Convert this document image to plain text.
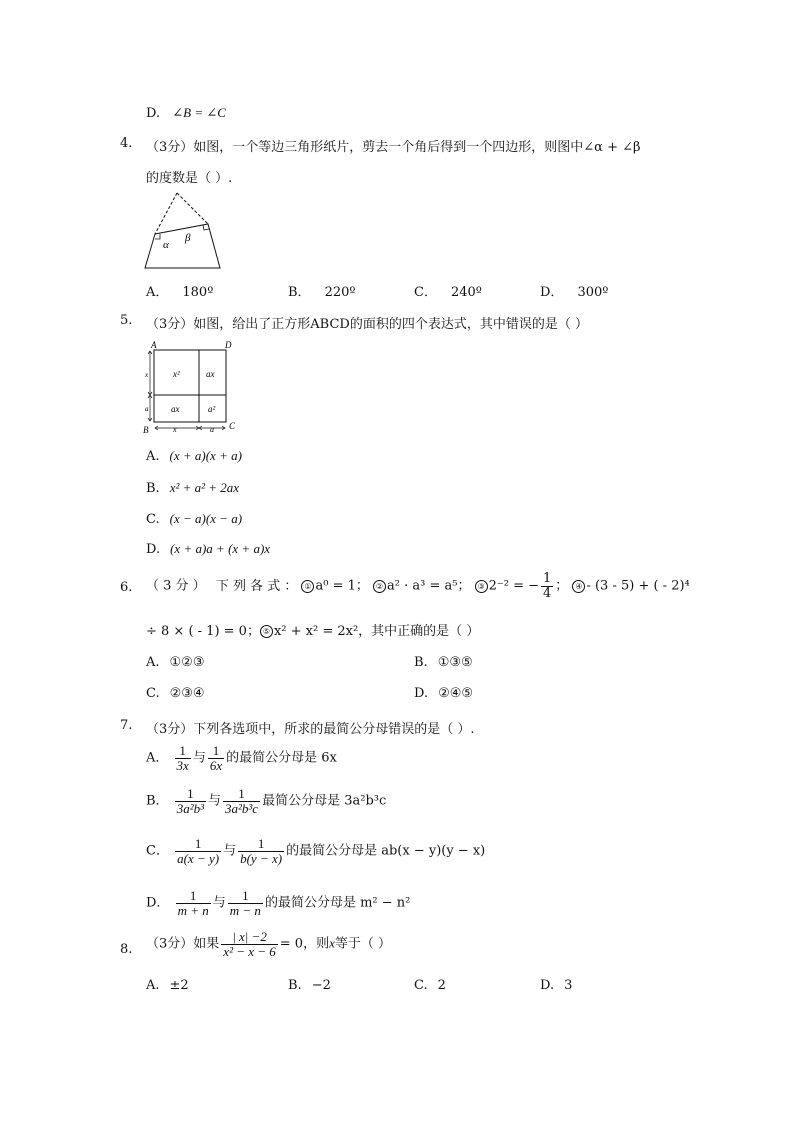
D. ∠B = ∠C
4. （3分）如图，一个等边三角形纸片，剪去一个角后得到一个四边形，则图中∠α + ∠β
的度数是（ ）.
α
β
A． 180º	B． 220º	C． 240º	D． 300º
5. （3分）如图，给出了正方形ABCD的面积的四个表达式，其中错误的是（ ）
x²	ax
ax	a²
A	D
B	C
x
a
x	a
A. (x + a)(x + a)
B. x² + a² + 2ax
C. (x − a)(x − a)
D. (x + a)a + (x + a)x
6. （ 3 分 ） 下 列 各 式 ： ① a⁰ = 1； ② a² · a³ = a⁵； ③ 2⁻² = − $\frac{1}{4}$ ； ④ - (3 - 5) + ( - 2)⁴
÷ 8 × ( - 1) = 0； ⑤ x² + x² = 2x²，其中正确的是（ ）
A. ①②③	B. ①③⑤
C. ②③④	D. ②④⑤
7. （3分）下列各选项中，所求的最简公分母错误的是（ ）.
A． $\frac{1}{3x}$ 与 $\frac{1}{6x}$ 的最简公分母是 6x
B． $\frac{1}{\text{3a²b³}}$ 与 $\frac{1}{\text{3a²b³c}}$ 最简公分母是 3a²b³c
C． $\frac{1}{a(x - y)}$ 与 $\frac{1}{b(y - x)}$ 的最简公分母是 ab(x − y)(y − x)
D． $\frac{1}{m + n}$ 与 $\frac{1}{m - n}$ 的最简公分母是 m² − n²
8. （3分）如果 $\frac{| x| -2}{\text{x² − x − 6}} = 0$，则x等于（ ）
A. ±2	B. −2	C. 2	D. 3
